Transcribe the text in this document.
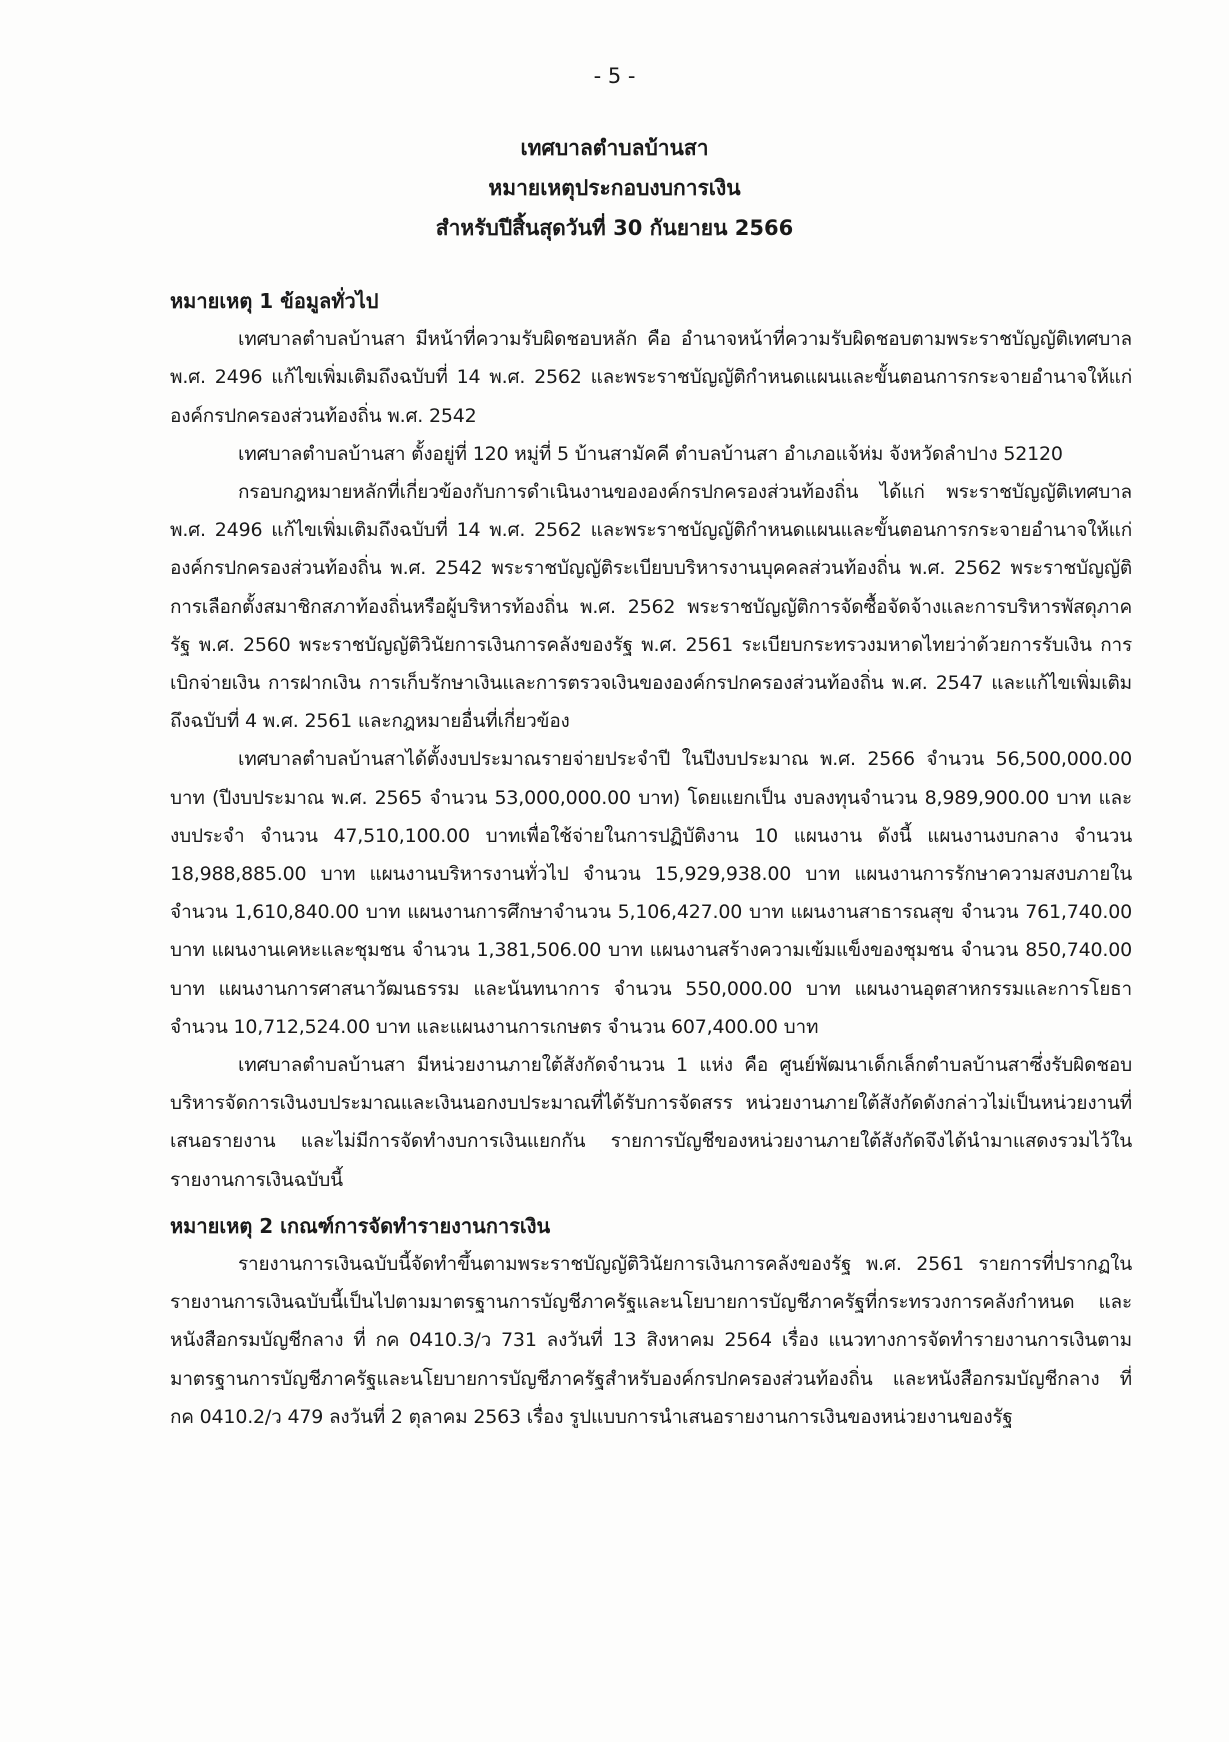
- 5 -
เทศบาลตำบลบ้านสา
หมายเหตุประกอบงบการเงิน
สำหรับปีสิ้นสุดวันที่ 30 กันยายน 2566

หมายเหตุ 1 ข้อมูลทั่วไป

เทศบาลตำบลบ้านสา มีหน้าที่ความรับผิดชอบหลัก คือ อำนาจหน้าที่ความรับผิดชอบตามพระราชบัญญัติเทศบาล พ.ศ. 2496 แก้ไขเพิ่มเติมถึงฉบับที่ 14 พ.ศ. 2562 และพระราชบัญญัติกำหนดแผนและขั้นตอนการกระจายอำนาจให้แก่องค์กรปกครองส่วนท้องถิ่น พ.ศ. 2542

เทศบาลตำบลบ้านสา ตั้งอยู่ที่ 120 หมู่ที่ 5 บ้านสามัคคี ตำบลบ้านสา อำเภอแจ้ห่ม จังหวัดลำปาง 52120

กรอบกฎหมายหลักที่เกี่ยวข้องกับการดำเนินงานขององค์กรปกครองส่วนท้องถิ่น ได้แก่ พระราชบัญญัติเทศบาล พ.ศ. 2496 แก้ไขเพิ่มเติมถึงฉบับที่ 14 พ.ศ. 2562 และพระราชบัญญัติกำหนดแผนและขั้นตอนการกระจายอำนาจให้แก่องค์กรปกครองส่วนท้องถิ่น พ.ศ. 2542 พระราชบัญญัติระเบียบบริหารงานบุคคลส่วนท้องถิ่น พ.ศ. 2562 พระราชบัญญัติการเลือกตั้งสมาชิกสภาท้องถิ่นหรือผู้บริหารท้องถิ่น พ.ศ. 2562 พระราชบัญญัติการจัดซื้อจัดจ้างและการบริหารพัสดุภาครัฐ พ.ศ. 2560 พระราชบัญญัติวินัยการเงินการคลังของรัฐ พ.ศ. 2561 ระเบียบกระทรวงมหาดไทยว่าด้วยการรับเงิน การเบิกจ่ายเงิน การฝากเงิน การเก็บรักษาเงินและการตรวจเงินขององค์กรปกครองส่วนท้องถิ่น พ.ศ. 2547 และแก้ไขเพิ่มเติมถึงฉบับที่ 4 พ.ศ. 2561 และกฎหมายอื่นที่เกี่ยวข้อง

เทศบาลตำบลบ้านสาได้ตั้งงบประมาณรายจ่ายประจำปี ในปีงบประมาณ พ.ศ. 2566 จำนวน 56,500,000.00 บาท (ปีงบประมาณ พ.ศ. 2565 จำนวน 53,000,000.00 บาท) โดยแยกเป็น งบลงทุนจำนวน 8,989,900.00 บาท และงบประจำ จำนวน 47,510,100.00 บาทเพื่อใช้จ่ายในการปฏิบัติงาน 10 แผนงาน ดังนี้ แผนงานงบกลาง จำนวน 18,988,885.00 บาท แผนงานบริหารงานทั่วไป จำนวน 15,929,938.00 บาท แผนงานการรักษาความสงบภายใน จำนวน 1,610,840.00 บาท แผนงานการศึกษาจำนวน 5,106,427.00 บาท แผนงานสาธารณสุข จำนวน 761,740.00 บาท แผนงานเคหะและชุมชน จำนวน 1,381,506.00 บาท แผนงานสร้างความเข้มแข็งของชุมชน จำนวน 850,740.00 บาท แผนงานการศาสนาวัฒนธรรม และนันทนาการ จำนวน 550,000.00 บาท แผนงานอุตสาหกรรมและการโยธา จำนวน 10,712,524.00 บาท และแผนงานการเกษตร จำนวน 607,400.00 บาท

เทศบาลตำบลบ้านสา มีหน่วยงานภายใต้สังกัดจำนวน 1 แห่ง คือ ศูนย์พัฒนาเด็กเล็กตำบลบ้านสาซึ่งรับผิดชอบบริหารจัดการเงินงบประมาณและเงินนอกงบประมาณที่ได้รับการจัดสรร หน่วยงานภายใต้สังกัดดังกล่าวไม่เป็นหน่วยงานที่เสนอรายงาน และไม่มีการจัดทำงบการเงินแยกกัน รายการบัญชีของหน่วยงานภายใต้สังกัดจึงได้นำมาแสดงรวมไว้ในรายงานการเงินฉบับนี้

หมายเหตุ 2 เกณฑ์การจัดทำรายงานการเงิน

รายงานการเงินฉบับนี้จัดทำขึ้นตามพระราชบัญญัติวินัยการเงินการคลังของรัฐ พ.ศ. 2561 รายการที่ปรากฏในรายงานการเงินฉบับนี้เป็นไปตามมาตรฐานการบัญชีภาครัฐและนโยบายการบัญชีภาครัฐที่กระทรวงการคลังกำหนด และหนังสือกรมบัญชีกลาง ที่ กค 0410.3/ว 731 ลงวันที่ 13 สิงหาคม 2564 เรื่อง แนวทางการจัดทำรายงานการเงินตามมาตรฐานการบัญชีภาครัฐและนโยบายการบัญชีภาครัฐสำหรับองค์กรปกครองส่วนท้องถิ่น และหนังสือกรมบัญชีกลาง ที่ กค 0410.2/ว 479 ลงวันที่ 2 ตุลาคม 2563 เรื่อง รูปแบบการนำเสนอรายงานการเงินของหน่วยงานของรัฐ
